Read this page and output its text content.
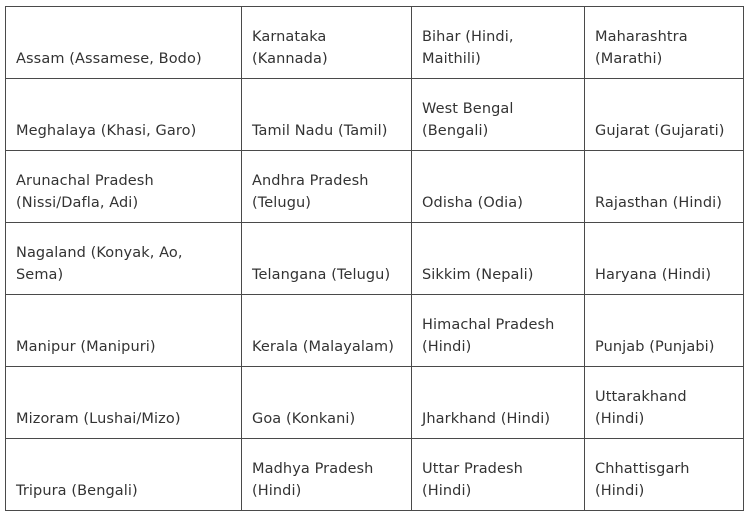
Assam (Assamese, Bodo)	Karnataka (Kannada)	Bihar (Hindi, Maithili)	Maharashtra (Marathi)
Meghalaya (Khasi, Garo)	Tamil Nadu (Tamil)	West Bengal (Bengali)	Gujarat (Gujarati)
Arunachal Pradesh (Nissi/Dafla, Adi)	Andhra Pradesh (Telugu)	Odisha (Odia)	Rajasthan (Hindi)
Nagaland (Konyak, Ao, Sema)	Telangana (Telugu)	Sikkim (Nepali)	Haryana (Hindi)
Manipur (Manipuri)	Kerala (Malayalam)	Himachal Pradesh (Hindi)	Punjab (Punjabi)
Mizoram (Lushai/Mizo)	Goa (Konkani)	Jharkhand (Hindi)	Uttarakhand (Hindi)
Tripura (Bengali)	Madhya Pradesh (Hindi)	Uttar Pradesh (Hindi)	Chhattisgarh (Hindi)
